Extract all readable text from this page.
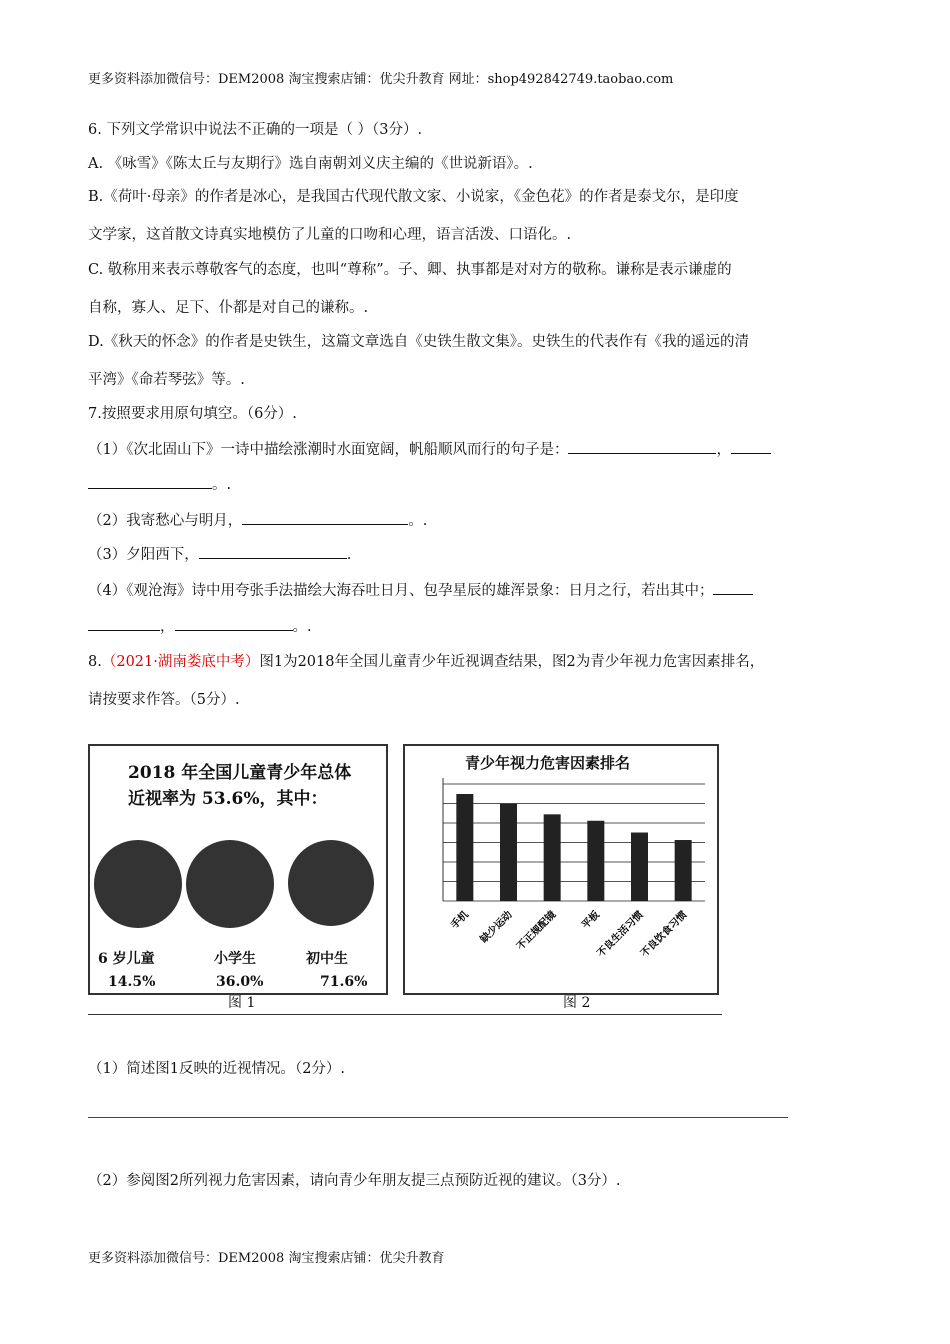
更多资料添加微信号：DEM2008 淘宝搜索店铺：优尖升教育 网址：shop492842749.taobao.com
6. 下列文学常识中说法不正确的一项是（ ）（3分）.
A. 《咏雪》《陈太丘与友期行》选自南朝刘义庆主编的《世说新语》。.
B.《荷叶·母亲》的作者是冰心，是我国古代现代散文家、小说家，《金色花》的作者是泰戈尔，是印度
文学家，这首散文诗真实地模仿了儿童的口吻和心理，语言活泼、口语化。.
C. 敬称用来表示尊敬客气的态度，也叫“尊称”。子、卿、执事都是对对方的敬称。谦称是表示谦虚的
自称，寡人、足下、仆都是对自己的谦称。.
D.《秋天的怀念》的作者是史铁生，这篇文章选自《史铁生散文集》。史铁生的代表作有《我的遥远的清
平湾》《命若琴弦》等。.
7.按照要求用原句填空。（6分）.
（1）《次北固山下》一诗中描绘涨潮时水面宽阔，帆船顺风而行的句子是：	，
。.
（2）我寄愁心与明月，	。.
（3）夕阳西下，	.
（4）《观沧海》诗中用夸张手法描绘大海吞吐日月、包孕星辰的雄浑景象：日月之行，若出其中；
，	。.
8.（2021·湖南娄底中考）图1为2018年全国儿童青少年近视调查结果，图2为青少年视力危害因素排名，
请按要求作答。（5分）.
2018 年全国儿童青少年总体
近视率为 53.6%，其中：
6 岁儿童	小学生	初中生
14.5%	36.0%	71.6%
图 1
青少年视力危害因素排名
手机 缺少运动 不正规配镜 平板
不良生活习惯
不良饮食习惯
图 2
（1）简述图1反映的近视情况。（2分）.
（2）参阅图2所列视力危害因素，请向青少年朋友提三点预防近视的建议。（3分）.
更多资料添加微信号：DEM2008 淘宝搜索店铺：优尖升教育
